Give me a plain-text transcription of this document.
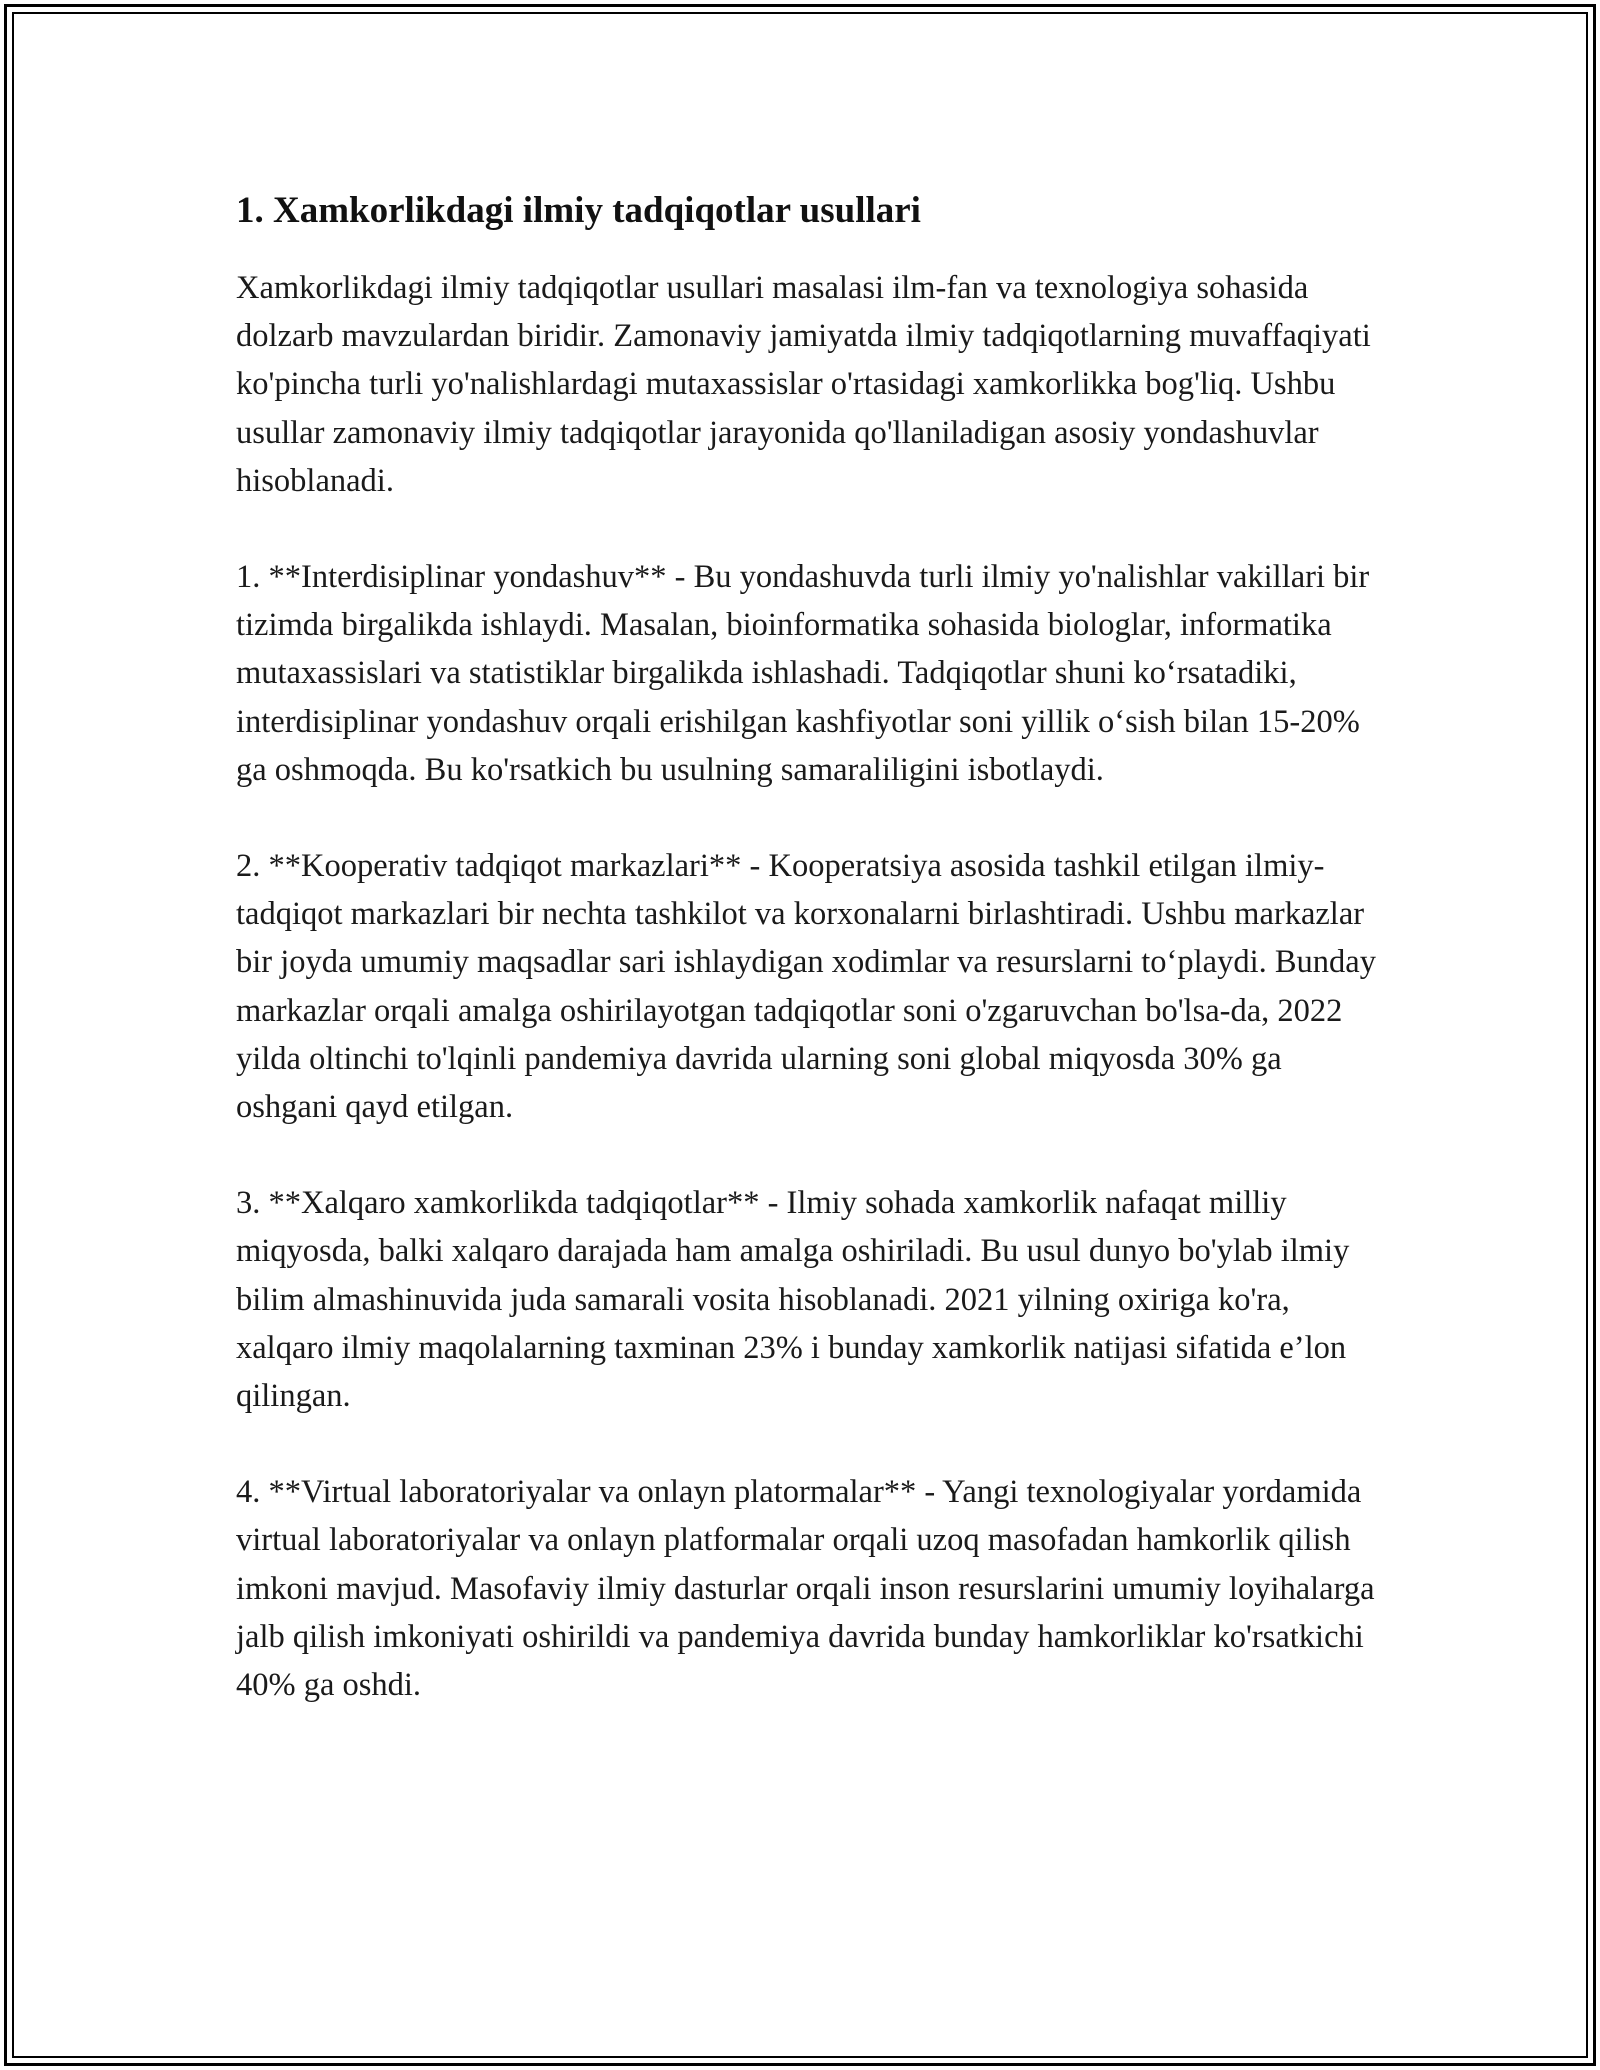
1. Xamkorlikdagi ilmiy tadqiqotlar usullari

Xamkorlikdagi ilmiy tadqiqotlar usullari masalasi ilm-fan va texnologiya sohasida dolzarb mavzulardan biridir. Zamonaviy jamiyatda ilmiy tadqiqotlarning muvaffaqiyati ko'pincha turli yo'nalishlardagi mutaxassislar o'rtasidagi xamkorlikka bog'liq. Ushbu usullar zamonaviy ilmiy tadqiqotlar jarayonida qo'llaniladigan asosiy yondashuvlar hisoblanadi.

1. **Interdisiplinar yondashuv** - Bu yondashuvda turli ilmiy yo'nalishlar vakillari bir tizimda birgalikda ishlaydi. Masalan, bioinformatika sohasida biologlar, informatika mutaxassislari va statistiklar birgalikda ishlashadi. Tadqiqotlar shuni ko‘rsatadiki, interdisiplinar yondashuv orqali erishilgan kashfiyotlar soni yillik o‘sish bilan 15-20% ga oshmoqda. Bu ko'rsatkich bu usulning samaraliligini isbotlaydi.

2. **Kooperativ tadqiqot markazlari** - Kooperatsiya asosida tashkil etilgan ilmiy-tadqiqot markazlari bir nechta tashkilot va korxonalarni birlashtiradi. Ushbu markazlar bir joyda umumiy maqsadlar sari ishlaydigan xodimlar va resurslarni to‘playdi. Bunday markazlar orqali amalga oshirilayotgan tadqiqotlar soni o'zgaruvchan bo'lsa-da, 2022 yilda oltinchi to'lqinli pandemiya davrida ularning soni global miqyosda 30% ga oshgani qayd etilgan.

3. **Xalqaro xamkorlikda tadqiqotlar** - Ilmiy sohada xamkorlik nafaqat milliy miqyosda, balki xalqaro darajada ham amalga oshiriladi. Bu usul dunyo bo'ylab ilmiy bilim almashinuvida juda samarali vosita hisoblanadi. 2021 yilning oxiriga ko'ra, xalqaro ilmiy maqolalarning taxminan 23% i bunday xamkorlik natijasi sifatida e’lon qilingan.

4. **Virtual laboratoriyalar va onlayn platormalar** - Yangi texnologiyalar yordamida virtual laboratoriyalar va onlayn platformalar orqali uzoq masofadan hamkorlik qilish imkoni mavjud. Masofaviy ilmiy dasturlar orqali inson resurslarini umumiy loyihalarga jalb qilish imkoniyati oshirildi va pandemiya davrida bunday hamkorliklar ko'rsatkichi 40% ga oshdi.
